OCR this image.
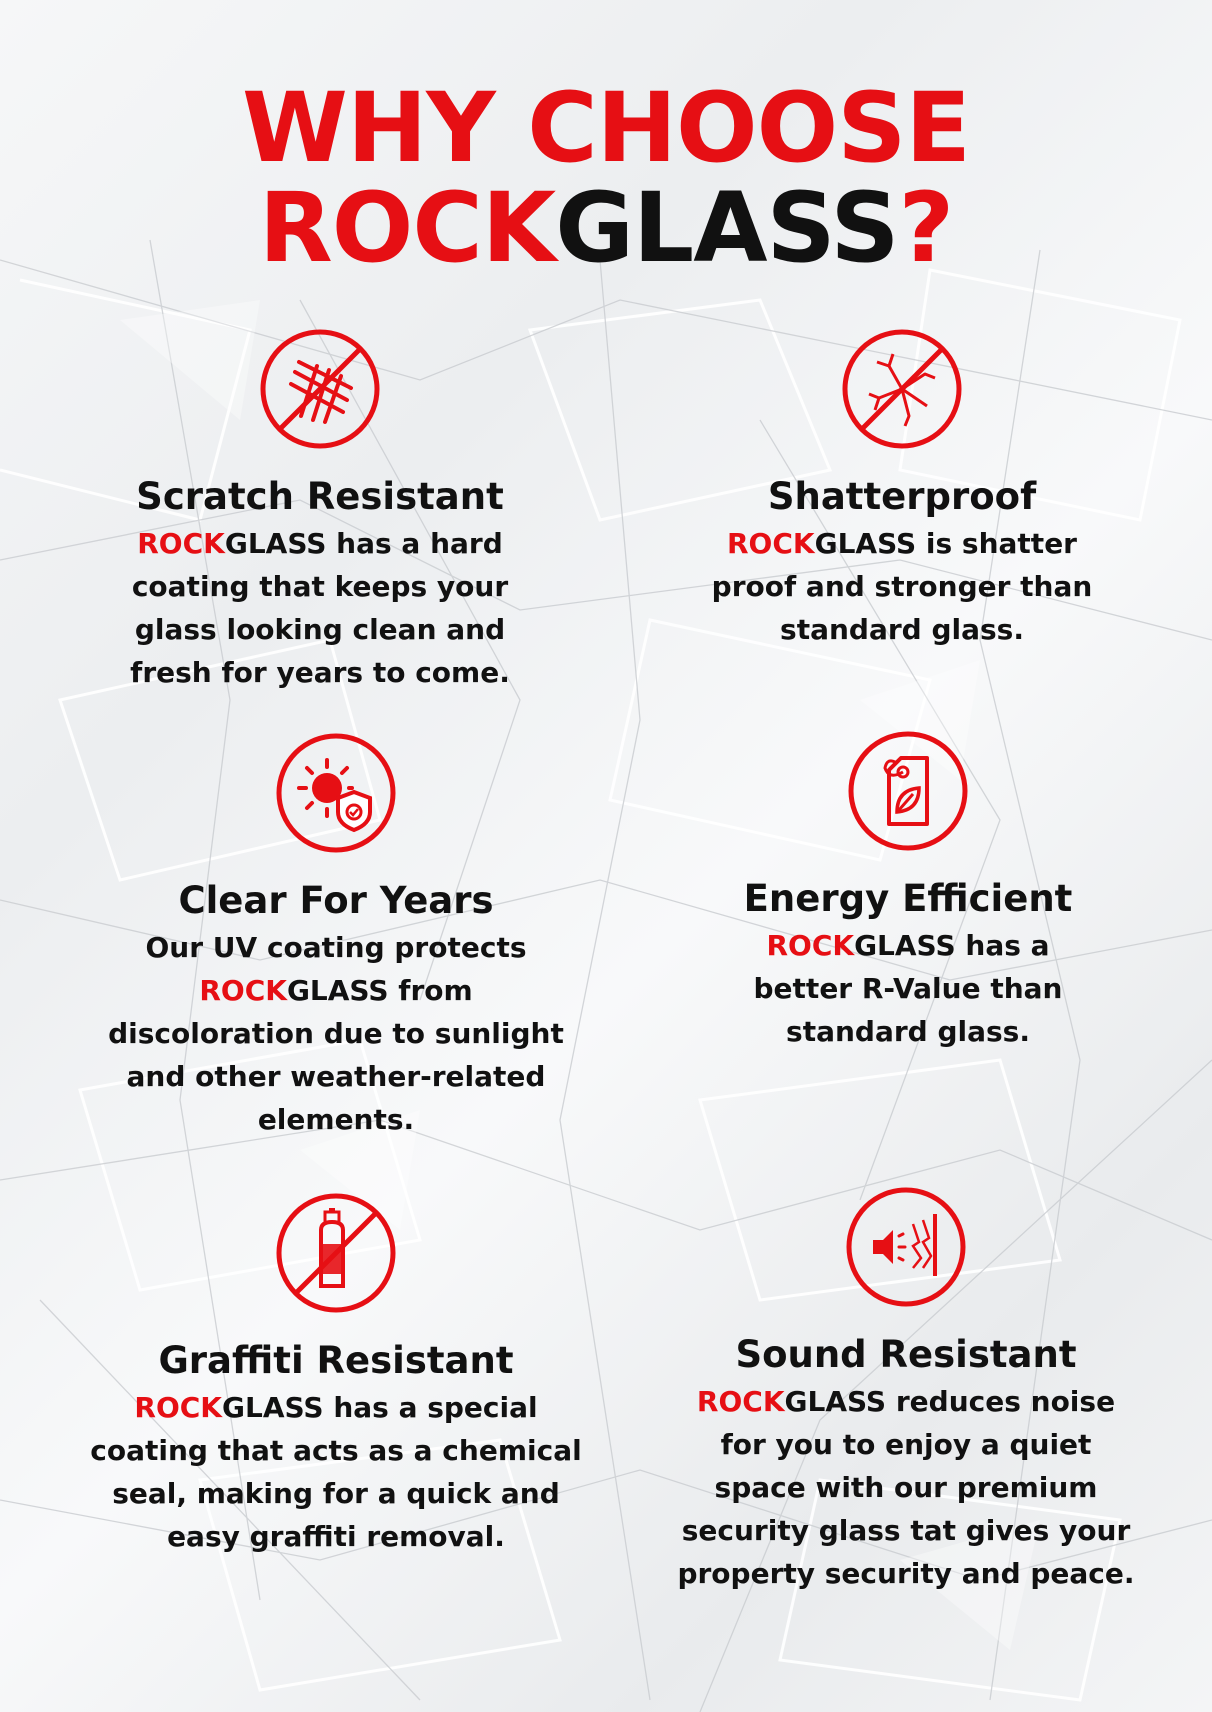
WHY CHOOSE
ROCKGLASS?
Scratch Resistant

ROCKGLASS has a hard coating that keeps your glass looking clean and fresh for years to come.

Shatterproof

ROCKGLASS is shatter proof and stronger than standard glass.

Clear For Years

Our UV coating protects ROCKGLASS from discoloration due to sunlight and other weather-related elements.

Energy Efficient

ROCKGLASS has a better R-Value than standard glass.

Graffiti Resistant

ROCKGLASS has a special coating that acts as a chemical seal, making for a quick and easy graffiti removal.

Sound Resistant

ROCKGLASS reduces noise for you to enjoy a quiet space with our premium security glass tat gives your property security and peace.
